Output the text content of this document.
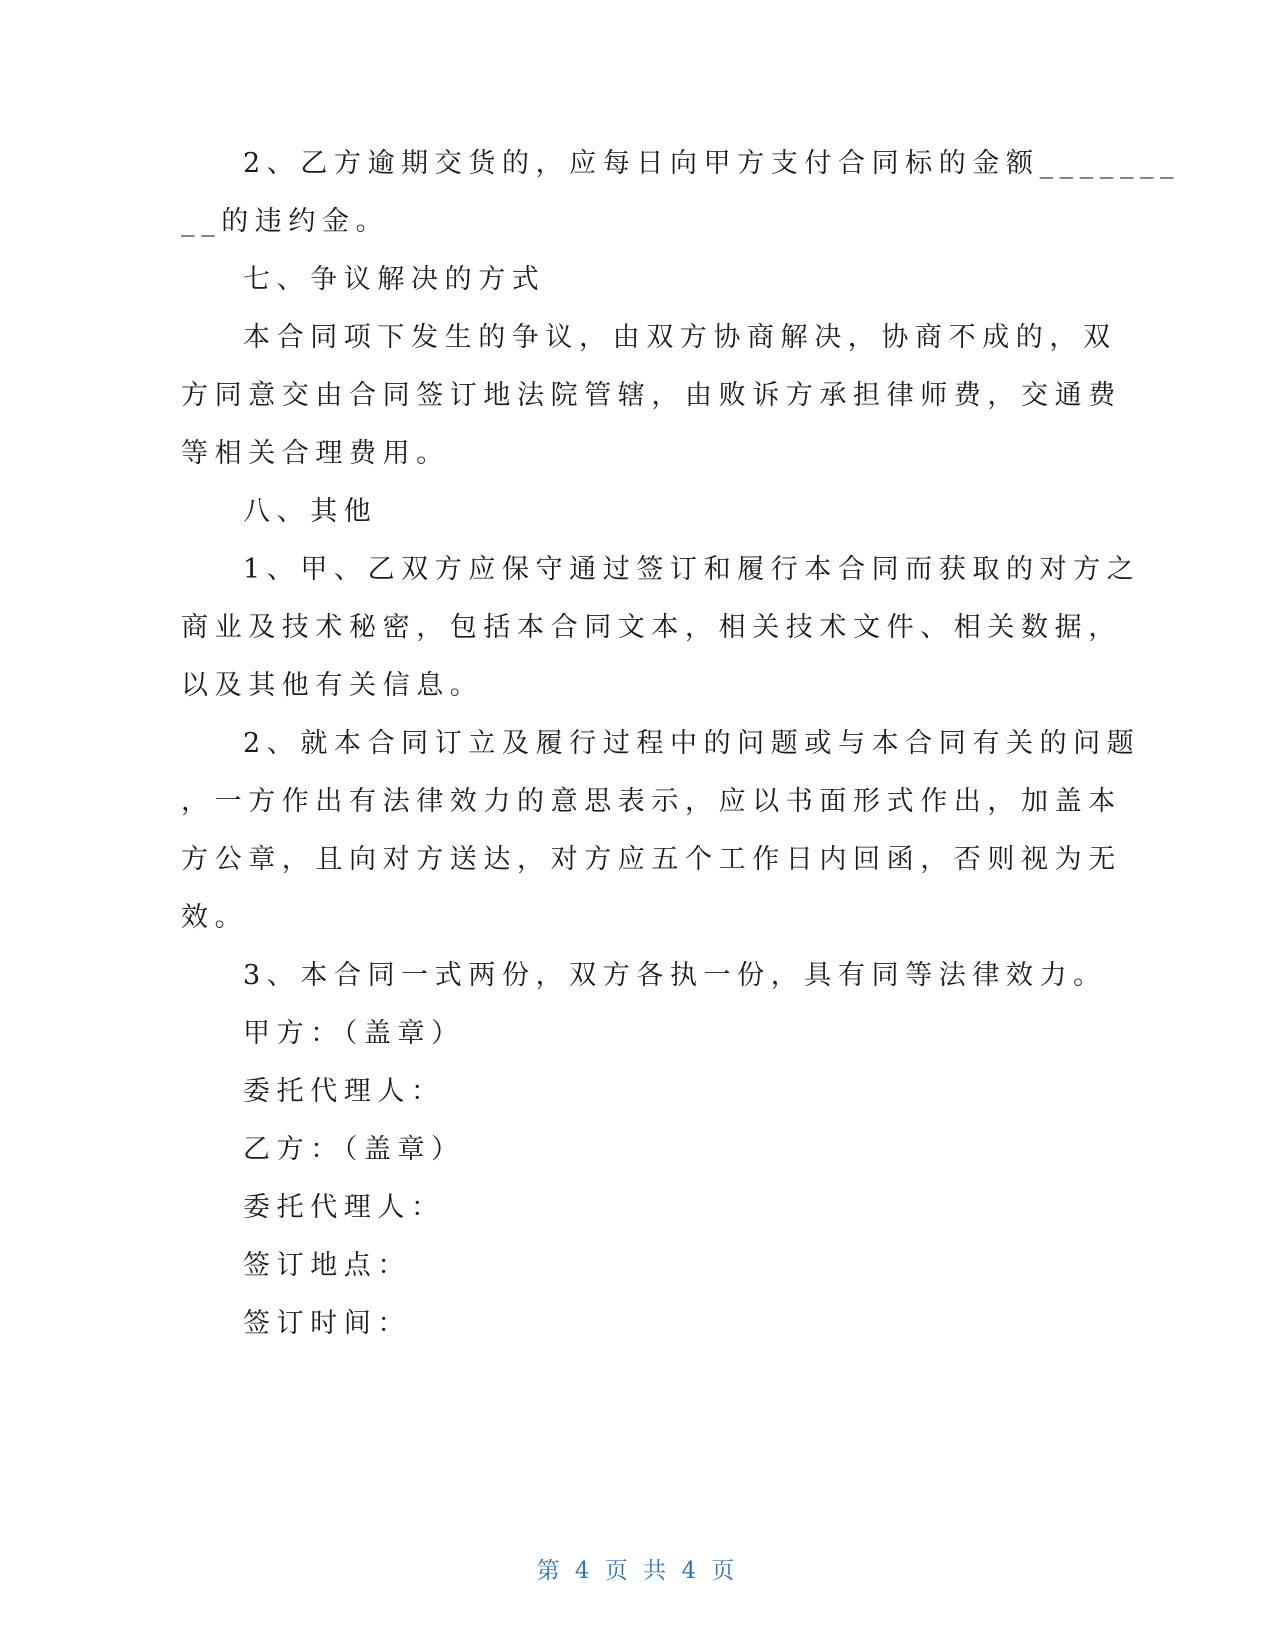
2、乙方逾期交货的，应每日向甲方支付合同标的金额_______
__的违约金。
七、争议解决的方式
本合同项下发生的争议，由双方协商解决，协商不成的，双
方同意交由合同签订地法院管辖，由败诉方承担律师费，交通费
等相关合理费用。
八、其他
1、甲、乙双方应保守通过签订和履行本合同而获取的对方之
商业及技术秘密，包括本合同文本，相关技术文件、相关数据，
以及其他有关信息。
2、就本合同订立及履行过程中的问题或与本合同有关的问题
，一方作出有法律效力的意思表示，应以书面形式作出，加盖本
方公章，且向对方送达，对方应五个工作日内回函，否则视为无
效。
3、本合同一式两份，双方各执一份，具有同等法律效力。
甲方：（盖章）
委托代理人：
乙方：（盖章）
委托代理人：
签订地点：
签订时间：
第 4 页 共 4 页
